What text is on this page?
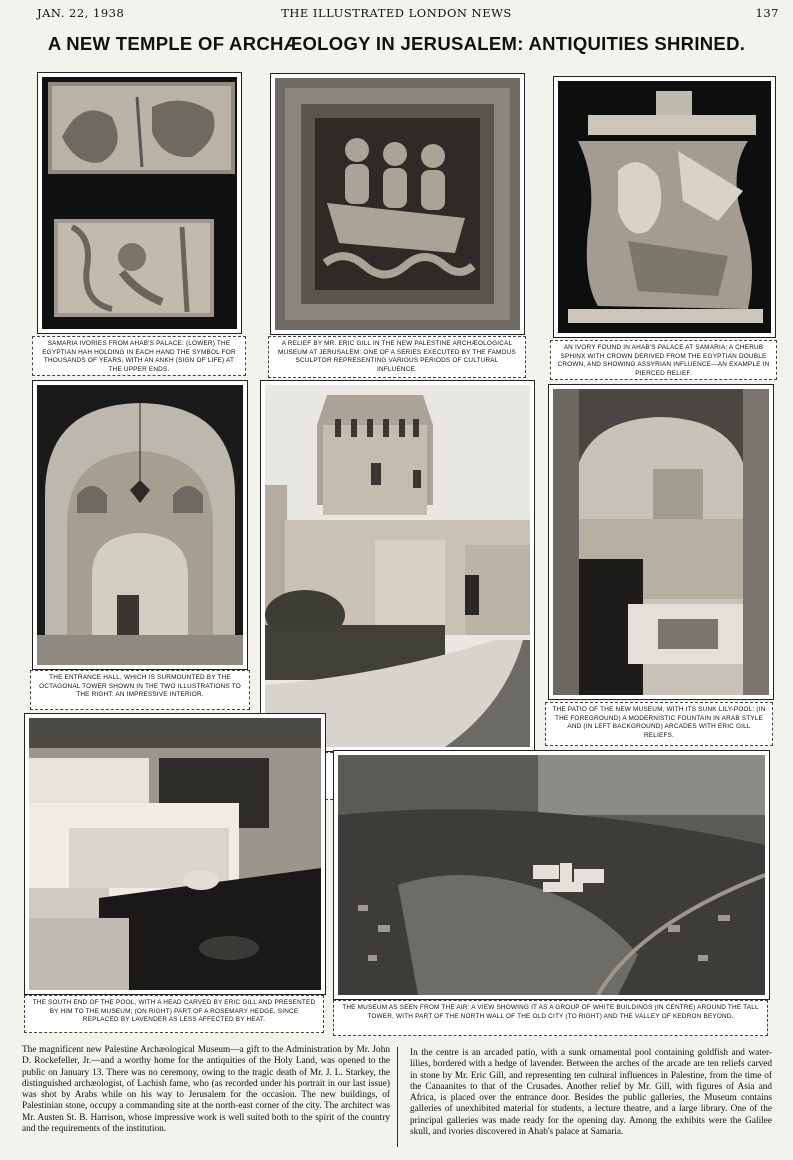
JAN. 22, 1938	THE ILLUSTRATED LONDON NEWS	137
A NEW TEMPLE OF ARCHÆOLOGY IN JERUSALEM: ANTIQUITIES SHRINED.
SAMARIA IVORIES FROM AHAB'S PALACE: (LOWER) THE EGYPTIAN HAH HOLDING IN EACH HAND THE SYMBOL FOR THOUSANDS OF YEARS, WITH AN ANKH (SIGN OF LIFE) AT THE UPPER ENDS.
A RELIEF BY MR. ERIC GILL IN THE NEW PALESTINE ARCHÆOLOGICAL MUSEUM AT JERUSALEM: ONE OF A SERIES EXECUTED BY THE FAMOUS SCULPTOR REPRESENTING VARIOUS PERIODS OF CULTURAL INFLUENCE.
AN IVORY FOUND IN AHAB'S PALACE AT SAMARIA: A CHERUB SPHINX WITH CROWN DERIVED FROM THE EGYPTIAN DOUBLE CROWN, AND SHOWING ASSYRIAN INFLUENCE—AN EXAMPLE IN PIERCED RELIEF.
THE ENTRANCE HALL, WHICH IS SURMOUNTED BY THE OCTAGONAL TOWER SHOWN IN THE TWO ILLUSTRATIONS TO THE RIGHT: AN IMPRESSIVE INTERIOR.
THE PATIO OF THE NEW MUSEUM, WITH ITS SUNK LILY-POOL: (IN THE FOREGROUND) A MODERNISTIC FOUNTAIN IN ARAB STYLE AND (IN LEFT BACKGROUND) ARCADES WITH ERIC GILL RELIEFS.
THE SOUTH END OF THE POOL, WITH A HEAD CARVED BY ERIC GILL AND PRESENTED BY HIM TO THE MUSEUM; (ON RIGHT) PART OF A ROSEMARY HEDGE, SINCE REPLACED BY LAVENDER AS LESS AFFECTED BY HEAT.
THE MUSEUM AS SEEN FROM THE AIR: A VIEW SHOWING IT AS A GROUP OF WHITE BUILDINGS (IN CENTRE) AROUND THE TALL TOWER, WITH PART OF THE NORTH WALL OF THE OLD CITY (TO RIGHT) AND THE VALLEY OF KEDRON BEYOND.
The magnificent new Palestine Archæological Museum—a gift to the Administration by Mr. John D. Rockefeller, Jr.—and a worthy home for the antiquities of the Holy Land, was opened to the public on January 13. There was no ceremony, owing to the tragic death of Mr. J. L. Starkey, the distinguished archæologist, of Lachish fame, who (as recorded under his portrait in our last issue) was shot by Arabs while on his way to Jerusalem for the occasion. The new buildings, of Palestinian stone, occupy a commanding site at the north-east corner of the city. The architect was Mr. Austen St. B. Harrison, whose impressive work is well suited both to the spirit of the country and the requirements of the institution.
In the centre is an arcaded patio, with a sunk ornamental pool containing goldfish and water-lilies, bordered with a hedge of lavender. Between the arches of the arcade are ten reliefs carved in stone by Mr. Eric Gill, and representing ten cultural influences in Palestine, from the time of the Canaanites to that of the Crusades. Another relief by Mr. Gill, with figures of Asia and Africa, is placed over the entrance door. Besides the public galleries, the Museum contains galleries of unexhibited material for students, a lecture theatre, and a large library. One of the principal galleries was made ready for the opening day. Among the exhibits were the Galilee skull, and ivories discovered in Ahab's palace at Samaria.
